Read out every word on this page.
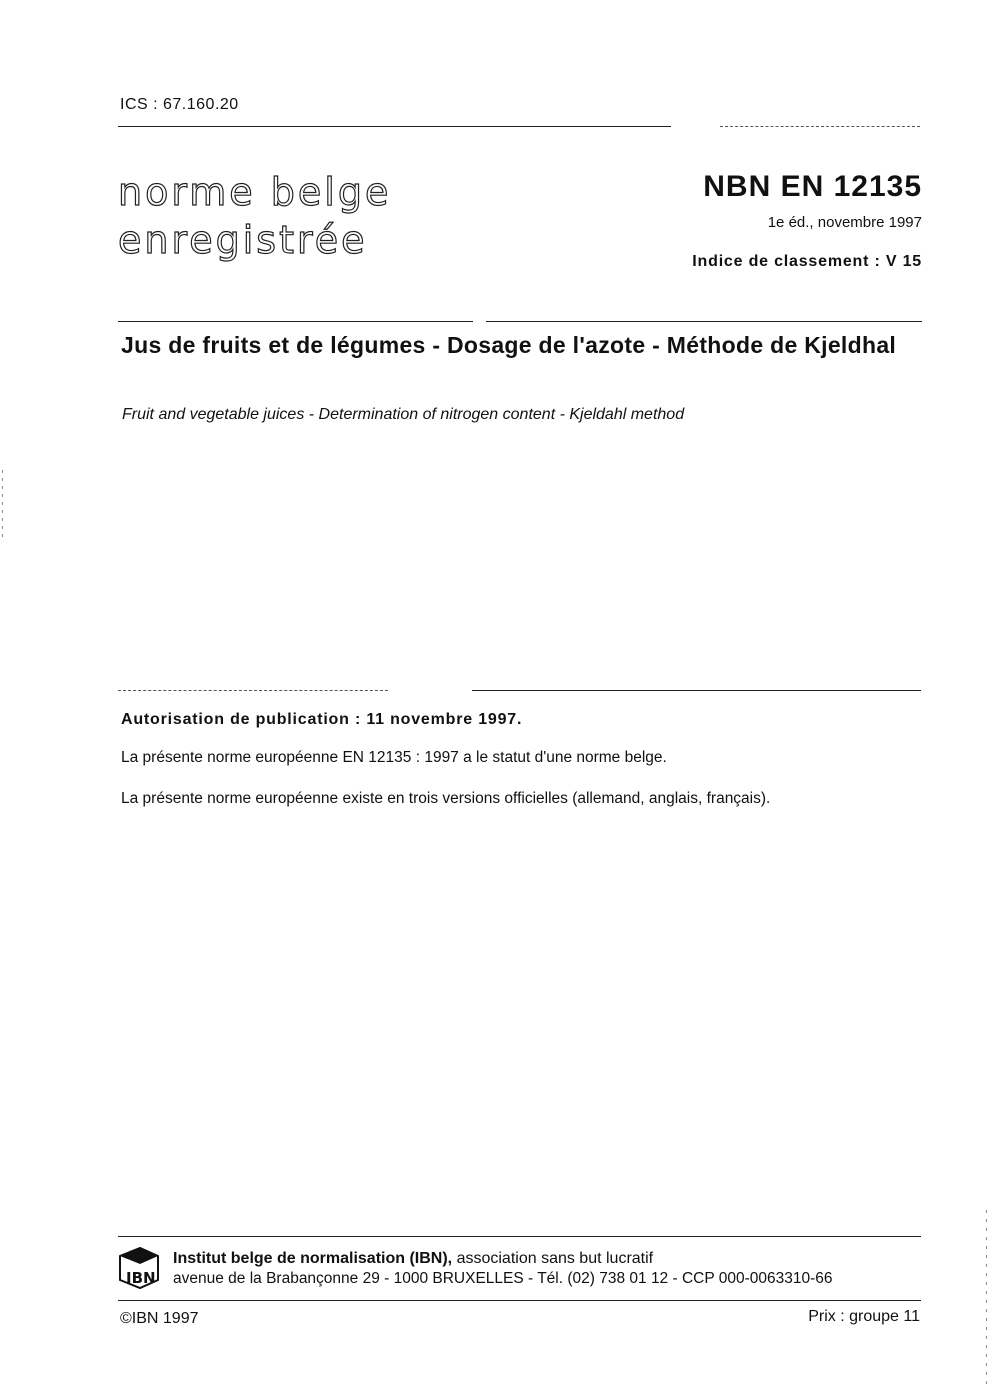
ICS : 67.160.20
norme belge
enregistrée
NBN EN 12135
1e éd., novembre 1997
Indice de classement : V 15
Jus de fruits et de légumes - Dosage de l'azote - Méthode de Kjeldhal
Fruit and vegetable juices - Determination of nitrogen content - Kjeldahl method
Autorisation de publication : 11 novembre 1997.
La présente norme européenne EN 12135 : 1997 a le statut d'une norme belge.
La présente norme européenne existe en trois versions officielles (allemand, anglais, français).
IBN
Institut belge de normalisation (IBN), association sans but lucratif
avenue de la Brabançonne 29 - 1000 BRUXELLES - Tél. (02) 738 01 12 - CCP 000-0063310-66
©IBN 1997	Prix : groupe 11
